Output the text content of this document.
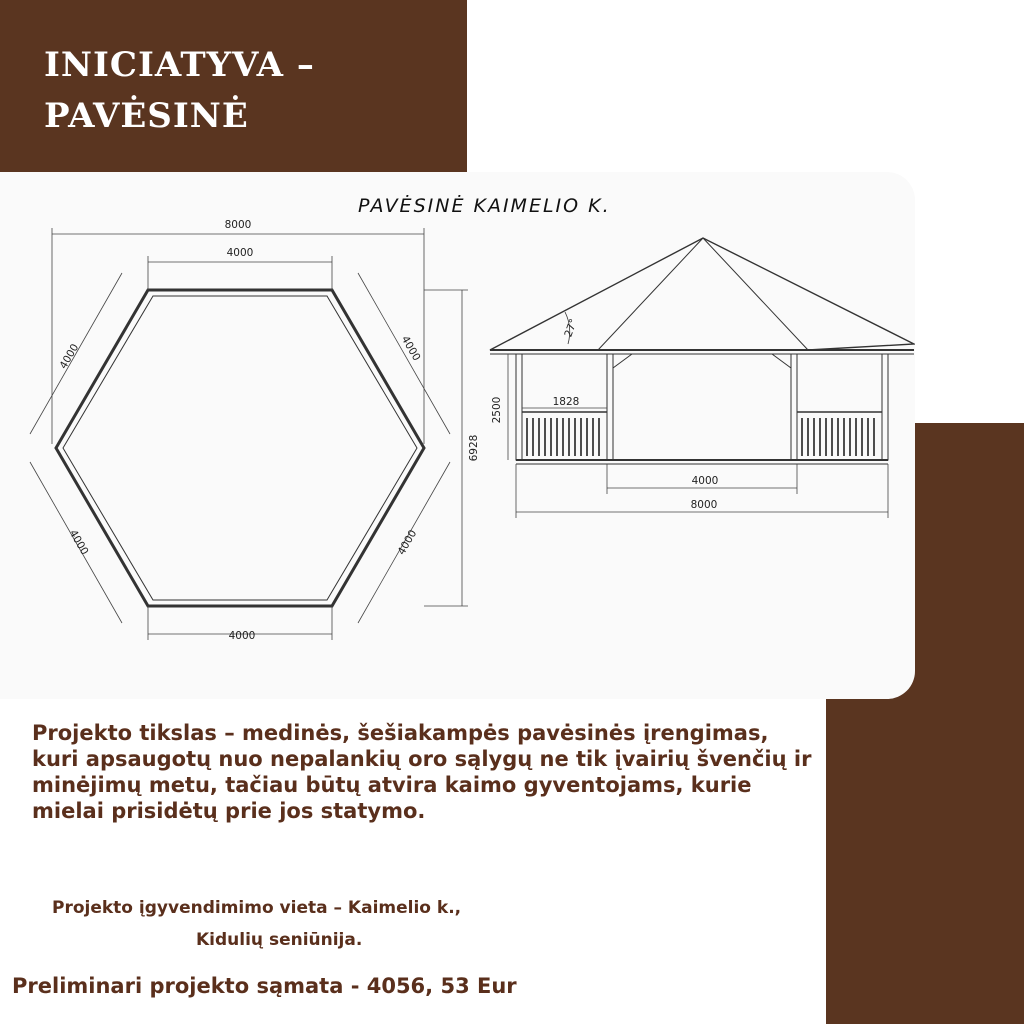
INICIATYVA –
PAVĖSINĖ
PAVĖSINĖ KAIMELIO K.
8000
4000
4000	4000
4000	4000
4000
6928
27°
2500	1828
4000
8000
Projekto tikslas – medinės, šešiakampės pavėsinės įrengimas, kuri apsaugotų nuo nepalankių oro sąlygų ne tik įvairių švenčių ir minėjimų metu, tačiau būtų atvira kaimo gyventojams, kurie mielai prisidėtų prie jos statymo.
Projekto įgyvendimimo vieta – Kaimelio k.,
Kidulių seniūnija.
Preliminari projekto sąmata - 4056, 53 Eur
